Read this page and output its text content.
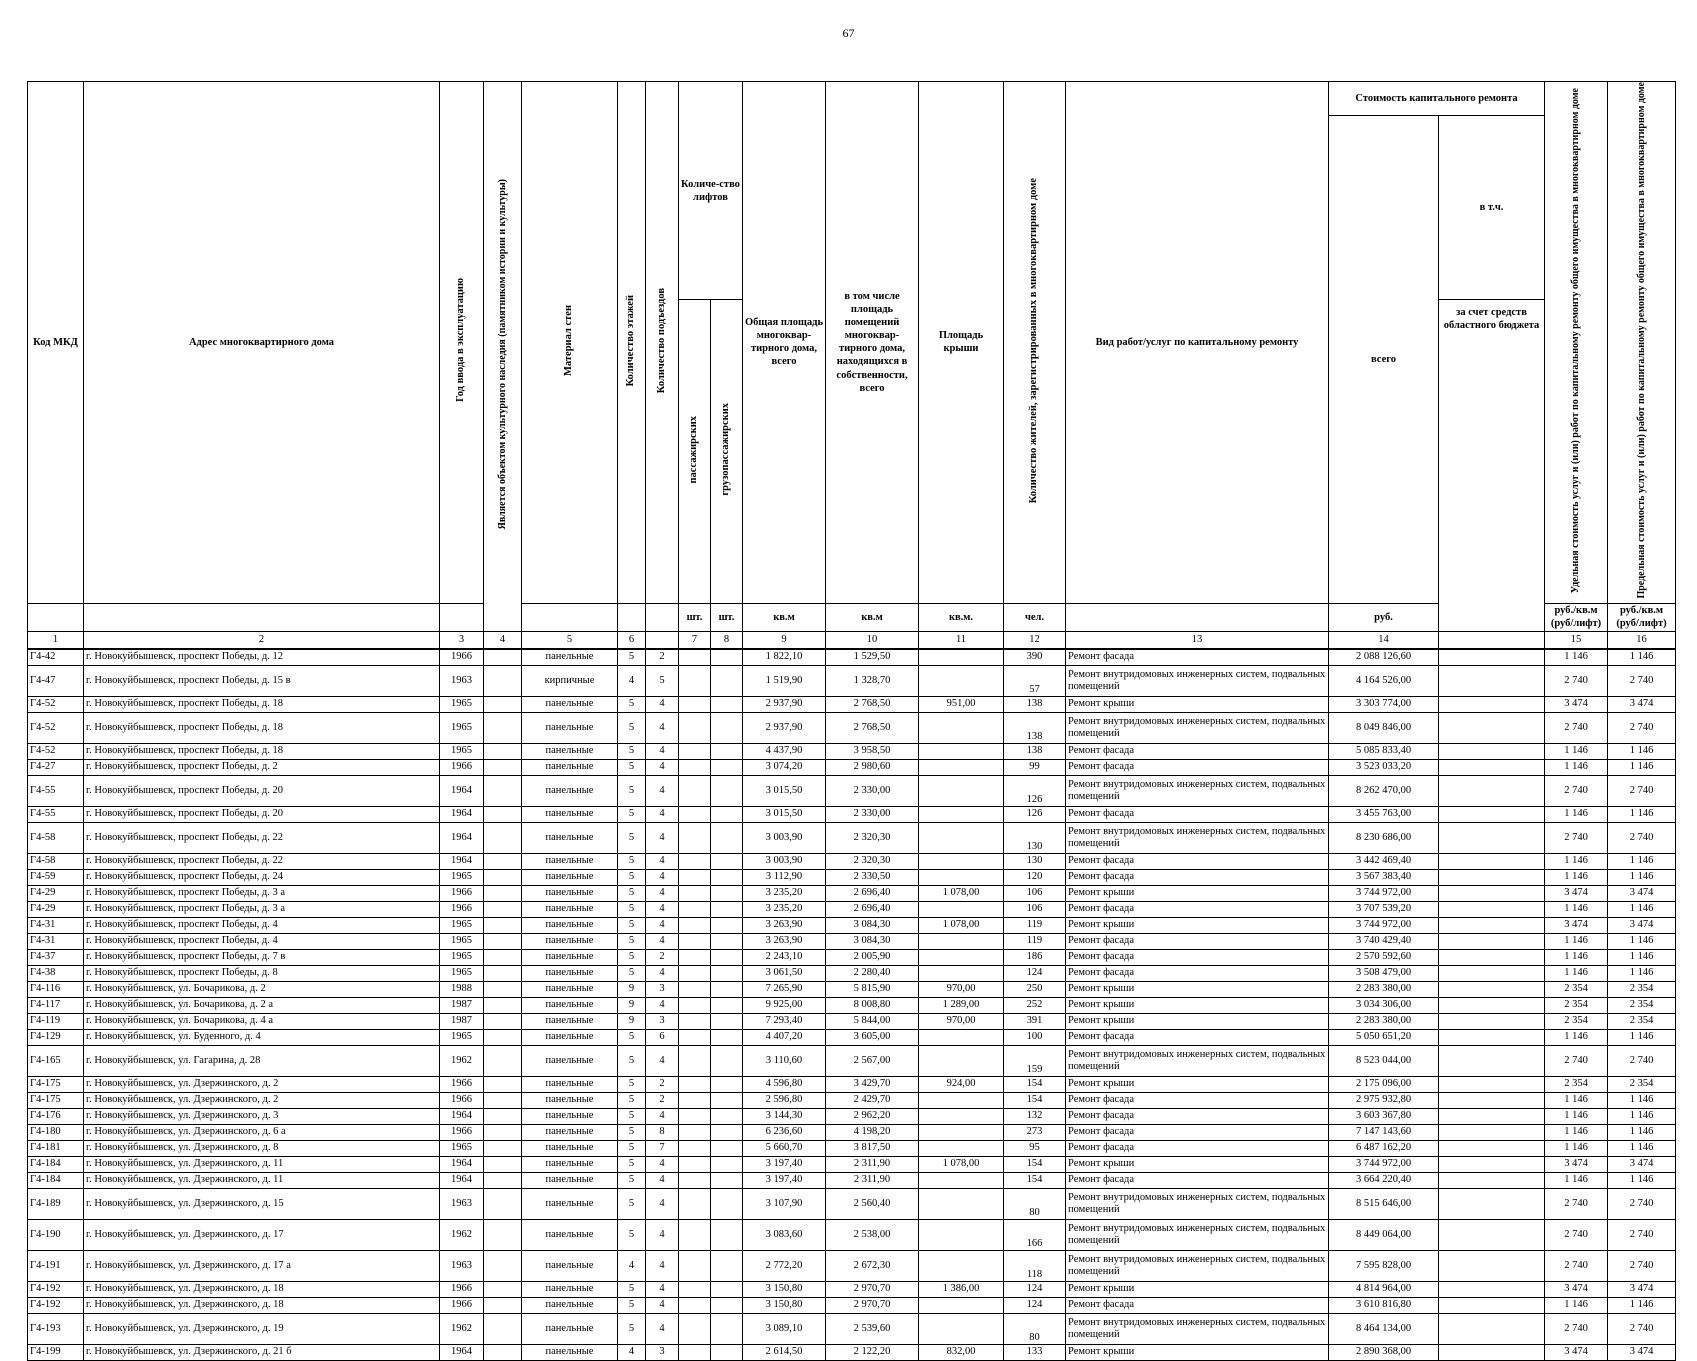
67
Код МКД	Адрес многоквартирного дома	Год ввода в эксплуатацию	Является объектом культурного наследия (памятником истории и культуры)	Материал стен	Количество этажей	Количество подъездов	Количе-ство лифтов		Общая площадь многоквар-тирного дома, всего	в том числе площадь помещений многоквар-тирного дома, находящихся в собственности, всего	Площадь крыши	Количество жителей, зарегистрированных в многоквартирном доме	Вид работ/услуг по капитальному ремонту	Стоимость капитального ремонта		Удельная стоимость услуг и (или) работ по капитальному ремонту общего имущества в многоквартирном доме	Предельная стоимость услуг и (или) работ по капитальному ремонту общего имущества в многоквартирном доме
														всего	в т.ч.		
							пассажирских	грузопассажирских							за счет средств областного бюджета		
							шт.	шт.	кв.м	кв.м	кв.м.	чел.		руб.		руб./кв.м (руб/лифт)	руб./кв.м (руб/лифт)
1	2	3	4	5	6		7	8	9	10	11	12	13	14		15	16
Г4-42	г. Новокуйбышевск, проспект Победы, д. 12	1966		панельные	5	2			1 822,10	1 529,50		390	Ремонт фасада	2 088 126,60		1 146	1 146
Г4-47	г. Новокуйбышевск, проспект Победы, д. 15 в	1963		кирпичные	4	5			1 519,90	1 328,70		57	Ремонт внутридомовых инженерных систем, подвальных помещений	4 164 526,00		2 740	2 740
Г4-52	г. Новокуйбышевск, проспект Победы, д. 18	1965		панельные	5	4			2 937,90	2 768,50	951,00	138	Ремонт крыши	3 303 774,00		3 474	3 474
Г4-52	г. Новокуйбышевск, проспект Победы, д. 18	1965		панельные	5	4			2 937,90	2 768,50		138	Ремонт внутридомовых инженерных систем, подвальных помещений	8 049 846,00		2 740	2 740
Г4-52	г. Новокуйбышевск, проспект Победы, д. 18	1965		панельные	5	4			4 437,90	3 958,50		138	Ремонт фасада	5 085 833,40		1 146	1 146
Г4-27	г. Новокуйбышевск, проспект Победы, д. 2	1966		панельные	5	4			3 074,20	2 980,60		99	Ремонт фасада	3 523 033,20		1 146	1 146
Г4-55	г. Новокуйбышевск, проспект Победы, д. 20	1964		панельные	5	4			3 015,50	2 330,00		126	Ремонт внутридомовых инженерных систем, подвальных помещений	8 262 470,00		2 740	2 740
Г4-55	г. Новокуйбышевск, проспект Победы, д. 20	1964		панельные	5	4			3 015,50	2 330,00		126	Ремонт фасада	3 455 763,00		1 146	1 146
Г4-58	г. Новокуйбышевск, проспект Победы, д. 22	1964		панельные	5	4			3 003,90	2 320,30		130	Ремонт внутридомовых инженерных систем, подвальных помещений	8 230 686,00		2 740	2 740
Г4-58	г. Новокуйбышевск, проспект Победы, д. 22	1964		панельные	5	4			3 003,90	2 320,30		130	Ремонт фасада	3 442 469,40		1 146	1 146
Г4-59	г. Новокуйбышевск, проспект Победы, д. 24	1965		панельные	5	4			3 112,90	2 330,50		120	Ремонт фасада	3 567 383,40		1 146	1 146
Г4-29	г. Новокуйбышевск, проспект Победы, д. 3 а	1966		панельные	5	4			3 235,20	2 696,40	1 078,00	106	Ремонт крыши	3 744 972,00		3 474	3 474
Г4-29	г. Новокуйбышевск, проспект Победы, д. 3 а	1966		панельные	5	4			3 235,20	2 696,40		106	Ремонт фасада	3 707 539,20		1 146	1 146
Г4-31	г. Новокуйбышевск, проспект Победы, д. 4	1965		панельные	5	4			3 263,90	3 084,30	1 078,00	119	Ремонт крыши	3 744 972,00		3 474	3 474
Г4-31	г. Новокуйбышевск, проспект Победы, д. 4	1965		панельные	5	4			3 263,90	3 084,30		119	Ремонт фасада	3 740 429,40		1 146	1 146
Г4-37	г. Новокуйбышевск, проспект Победы, д. 7 в	1965		панельные	5	2			2 243,10	2 005,90		186	Ремонт фасада	2 570 592,60		1 146	1 146
Г4-38	г. Новокуйбышевск, проспект Победы, д. 8	1965		панельные	5	4			3 061,50	2 280,40		124	Ремонт фасада	3 508 479,00		1 146	1 146
Г4-116	г. Новокуйбышевск, ул. Бочарикова, д. 2	1988		панельные	9	3			7 265,90	5 815,90	970,00	250	Ремонт крыши	2 283 380,00		2 354	2 354
Г4-117	г. Новокуйбышевск, ул. Бочарикова, д. 2 а	1987		панельные	9	4			9 925,00	8 008,80	1 289,00	252	Ремонт крыши	3 034 306,00		2 354	2 354
Г4-119	г. Новокуйбышевск, ул. Бочарикова, д. 4 а	1987		панельные	9	3			7 293,40	5 844,00	970,00	391	Ремонт крыши	2 283 380,00		2 354	2 354
Г4-129	г. Новокуйбышевск, ул. Буденного, д. 4	1965		панельные	5	6			4 407,20	3 605,00		100	Ремонт фасада	5 050 651,20		1 146	1 146
Г4-165	г. Новокуйбышевск, ул. Гагарина, д. 28	1962		панельные	5	4			3 110,60	2 567,00		159	Ремонт внутридомовых инженерных систем, подвальных помещений	8 523 044,00		2 740	2 740
Г4-175	г. Новокуйбышевск, ул. Дзержинского, д. 2	1966		панельные	5	2			4 596,80	3 429,70	924,00	154	Ремонт крыши	2 175 096,00		2 354	2 354
Г4-175	г. Новокуйбышевск, ул. Дзержинского, д. 2	1966		панельные	5	2			2 596,80	2 429,70		154	Ремонт фасада	2 975 932,80		1 146	1 146
Г4-176	г. Новокуйбышевск, ул. Дзержинского, д. 3	1964		панельные	5	4			3 144,30	2 962,20		132	Ремонт фасада	3 603 367,80		1 146	1 146
Г4-180	г. Новокуйбышевск, ул. Дзержинского, д. 6 а	1966		панельные	5	8			6 236,60	4 198,20		273	Ремонт фасада	7 147 143,60		1 146	1 146
Г4-181	г. Новокуйбышевск, ул. Дзержинского, д. 8	1965		панельные	5	7			5 660,70	3 817,50		95	Ремонт фасада	6 487 162,20		1 146	1 146
Г4-184	г. Новокуйбышевск, ул. Дзержинского, д. 11	1964		панельные	5	4			3 197,40	2 311,90	1 078,00	154	Ремонт крыши	3 744 972,00		3 474	3 474
Г4-184	г. Новокуйбышевск, ул. Дзержинского, д. 11	1964		панельные	5	4			3 197,40	2 311,90		154	Ремонт фасада	3 664 220,40		1 146	1 146
Г4-189	г. Новокуйбышевск, ул. Дзержинского, д. 15	1963		панельные	5	4			3 107,90	2 560,40		80	Ремонт внутридомовых инженерных систем, подвальных помещений	8 515 646,00		2 740	2 740
Г4-190	г. Новокуйбышевск, ул. Дзержинского, д. 17	1962		панельные	5	4			3 083,60	2 538,00		166	Ремонт внутридомовых инженерных систем, подвальных помещений	8 449 064,00		2 740	2 740
Г4-191	г. Новокуйбышевск, ул. Дзержинского, д. 17 а	1963		панельные	4	4			2 772,20	2 672,30		118	Ремонт внутридомовых инженерных систем, подвальных помещений	7 595 828,00		2 740	2 740
Г4-192	г. Новокуйбышевск, ул. Дзержинского, д. 18	1966		панельные	5	4			3 150,80	2 970,70	1 386,00	124	Ремонт крыши	4 814 964,00		3 474	3 474
Г4-192	г. Новокуйбышевск, ул. Дзержинского, д. 18	1966		панельные	5	4			3 150,80	2 970,70		124	Ремонт фасада	3 610 816,80		1 146	1 146
Г4-193	г. Новокуйбышевск, ул. Дзержинского, д. 19	1962		панельные	5	4			3 089,10	2 539,60		80	Ремонт внутридомовых инженерных систем, подвальных помещений	8 464 134,00		2 740	2 740
Г4-199	г. Новокуйбышевск, ул. Дзержинского, д. 21 б	1964		панельные	4	3			2 614,50	2 122,20	832,00	133	Ремонт крыши	2 890 368,00		3 474	3 474
